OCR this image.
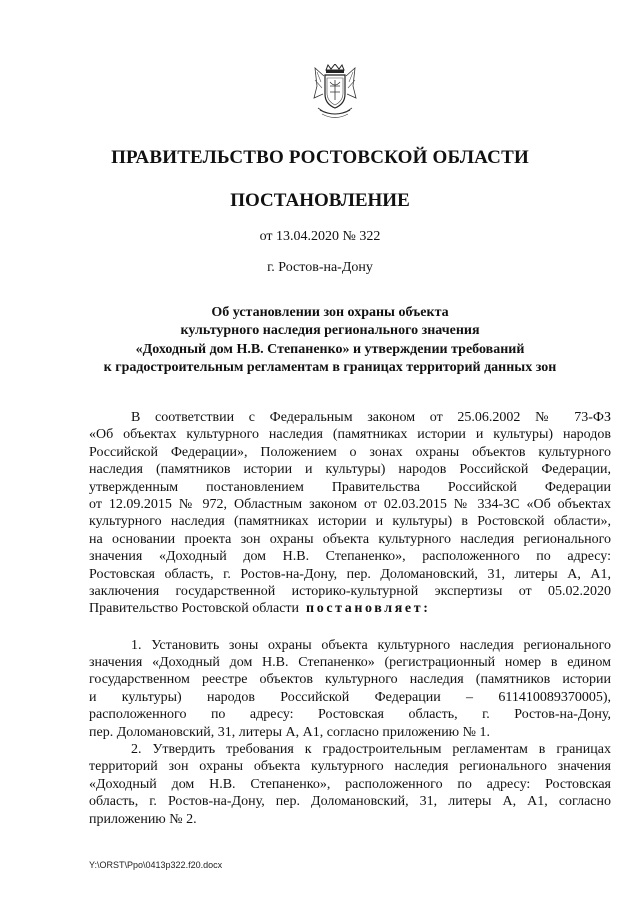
ПРАВИТЕЛЬСТВО РОСТОВСКОЙ ОБЛАСТИ
ПОСТАНОВЛЕНИЕ
от 13.04.2020 № 322
г. Ростов-на-Дону
Об установлении зон охраны объекта
культурного наследия регионального значения
«Доходный дом Н.В. Степаненко» и утверждении требований
к градостроительным регламентам в границах территорий данных зон
В соответствии с Федеральным законом от 25.06.2002 № 73-ФЗ
«Об объектах культурного наследия (памятниках истории и культуры) народов
Российской Федерации», Положением о зонах охраны объектов культурного
наследия (памятников истории и культуры) народов Российской Федерации,
утвержденным постановлением Правительства Российской Федерации
от 12.09.2015 № 972, Областным законом от 02.03.2015 № 334-ЗС «Об объектах
культурного наследия (памятниках истории и культуры) в Ростовской области»,
на основании проекта зон охраны объекта культурного наследия регионального
значения «Доходный дом Н.В. Степаненко», расположенного по адресу:
Ростовская область, г. Ростов-на-Дону, пер. Доломановский, 31, литеры А, А1,
заключения государственной историко-культурной экспертизы от 05.02.2020
Правительство Ростовской области постановляет:
1. Установить зоны охраны объекта культурного наследия регионального
значения «Доходный дом Н.В. Степаненко» (регистрационный номер в едином
государственном реестре объектов культурного наследия (памятников истории
и культуры) народов Российской Федерации – 611410089370005),
расположенного по адресу: Ростовская область, г. Ростов-на-Дону,
пер. Доломановский, 31, литеры А, А1, согласно приложению № 1.
2. Утвердить требования к градостроительным регламентам в границах
территорий зон охраны объекта культурного наследия регионального значения
«Доходный дом Н.В. Степаненко», расположенного по адресу: Ростовская
область, г. Ростов-на-Дону, пер. Доломановский, 31, литеры А, А1, согласно
приложению № 2.
Y:\ORST\Ppo\0413p322.f20.docx
